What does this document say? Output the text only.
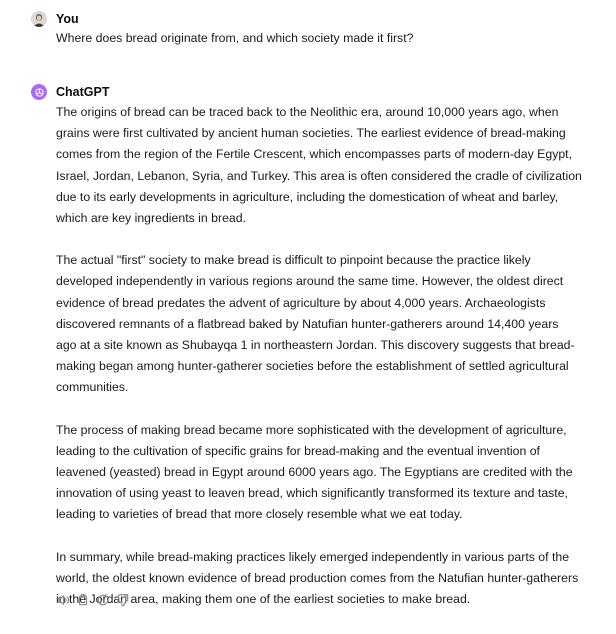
You
Where does bread originate from, and which society made it first?
ChatGPT

The origins of bread can be traced back to the Neolithic era, around 10,000 years ago, when grains were first cultivated by ancient human societies. The earliest evidence of bread-making comes from the region of the Fertile Crescent, which encompasses parts of modern-day Egypt, Israel, Jordan, Lebanon, Syria, and Turkey. This area is often considered the cradle of civilization due to its early developments in agriculture, including the domestication of wheat and barley, which are key ingredients in bread.

The actual "first" society to make bread is difficult to pinpoint because the practice likely developed independently in various regions around the same time. However, the oldest direct evidence of bread predates the advent of agriculture by about 4,000 years. Archaeologists discovered remnants of a flatbread baked by Natufian hunter-gatherers around 14,400 years ago at a site known as Shubayqa 1 in northeastern Jordan. This discovery suggests that bread-making began among hunter-gatherer societies before the establishment of settled agricultural communities.

The process of making bread became more sophisticated with the development of agriculture, leading to the cultivation of specific grains for bread-making and the eventual invention of leavened (yeasted) bread in Egypt around 6000 years ago. The Egyptians are credited with the innovation of using yeast to leaven bread, which significantly transformed its texture and taste, leading to varieties of bread that more closely resemble what we eat today.

In summary, while bread-making practices likely emerged independently in various parts of the world, the oldest known evidence of bread production comes from the Natufian hunter-gatherers in the Jordan area, making them one of the earliest societies to make bread.
